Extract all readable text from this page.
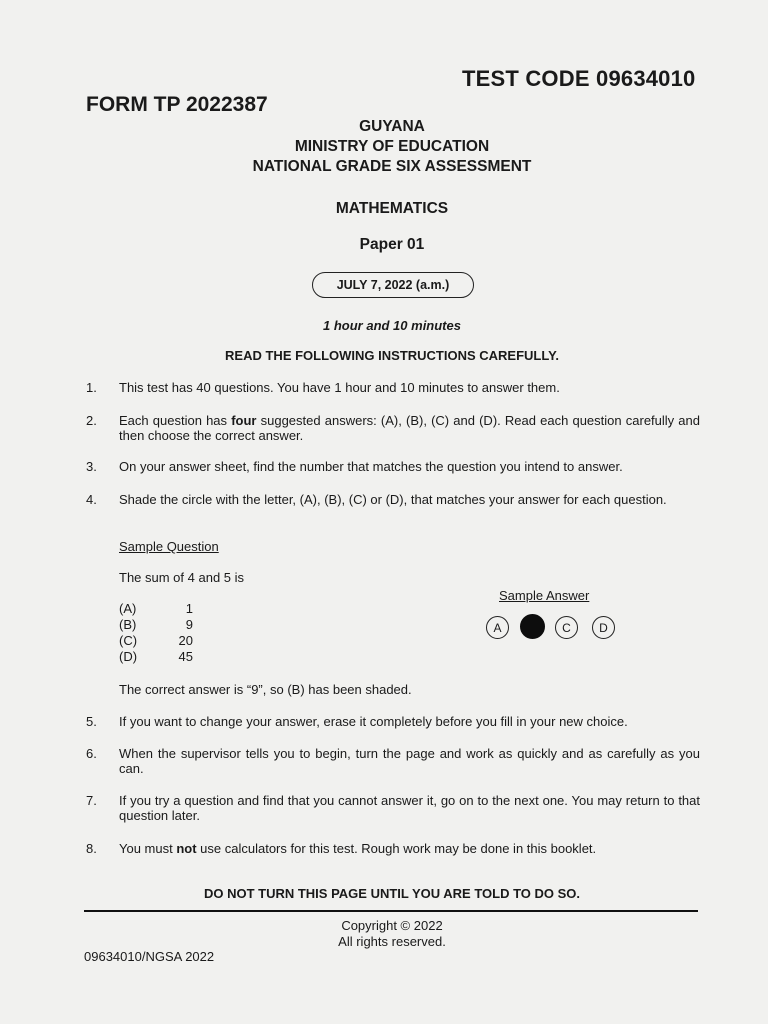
TEST CODE 09634010
FORM TP 2022387
GUYANA
MINISTRY OF EDUCATION
NATIONAL GRADE SIX ASSESSMENT
MATHEMATICS
Paper 01
JULY 7, 2022 (a.m.)
1 hour and 10 minutes
READ THE FOLLOWING INSTRUCTIONS CAREFULLY.
1. This test has 40 questions. You have 1 hour and 10 minutes to answer them.
2. Each question has four suggested answers: (A), (B), (C) and (D). Read each question carefully and then choose the correct answer.
3. On your answer sheet, find the number that matches the question you intend to answer.
4. Shade the circle with the letter, (A), (B), (C) or (D), that matches your answer for each question.
Sample Question
The sum of 4 and 5 is
(A)	1
(B)	9
(C)	20
(D)	45
Sample Answer
A	C	D
The correct answer is “9”, so (B) has been shaded.
5. If you want to change your answer, erase it completely before you fill in your new choice.
6. When the supervisor tells you to begin, turn the page and work as quickly and as carefully as you can.
7. If you try a question and find that you cannot answer it, go on to the next one. You may return to that question later.
8. You must not use calculators for this test. Rough work may be done in this booklet.
DO NOT TURN THIS PAGE UNTIL YOU ARE TOLD TO DO SO.
Copyright © 2022
All rights reserved.
09634010/NGSA 2022
